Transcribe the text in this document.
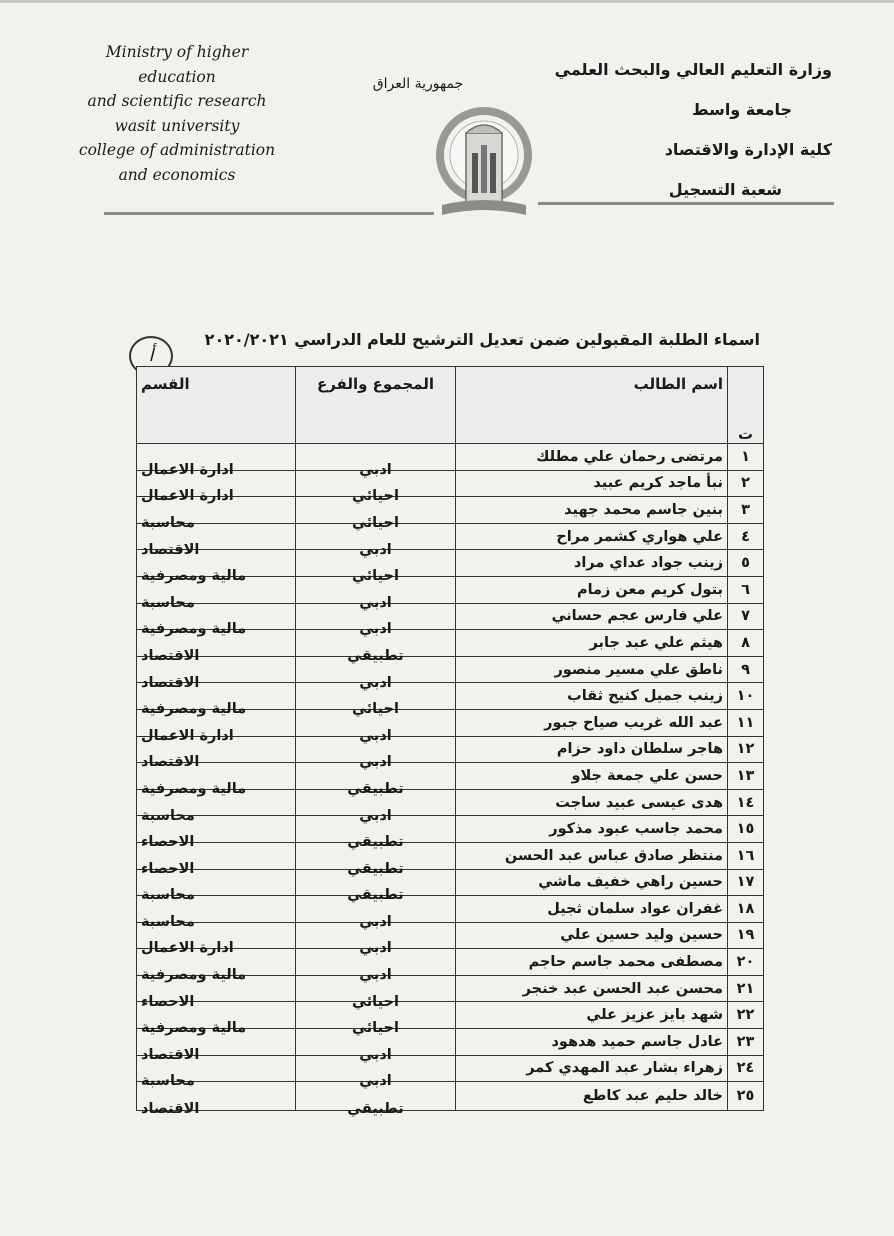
Ministry of higher
education
and scientific research
wasit university
college of administration
and economics
وزارة التعليم العالي والبحث العلمي
جامعة واسط
كلية الإدارة والاقتصاد
شعبة التسجيل
جمهورية العراق
أ
اسماء الطلبة المقبولين ضمن تعديل الترشيح للعام الدراسي ٢٠٢٠/٢٠٢١
ت	اسم الطالب	المجموع والفرع	القسم
١	مرتضى رحمان علي مطلك	ادبي	ادارة الاعمال
٢	نبأ ماجد كريم عبيد	احيائي	ادارة الاعمال
٣	بنين جاسم محمد جهيد	احيائي	محاسبة
٤	علي هواري كشمر مراح	ادبي	الاقتصاد
٥	زينب جواد عداي مراد	احيائي	مالية ومصرفية
٦	بتول كريم معن زمام	ادبي	محاسبة
٧	علي فارس عجم حساني	ادبي	مالية ومصرفية
٨	هيثم علي عبد جابر	تطبيقي	الاقتصاد
٩	ناطق علي مسير منصور	ادبي	الاقتصاد
١٠	زينب جميل كنيح ثقاب	احيائي	مالية ومصرفية
١١	عبد الله غريب صياح جبور	ادبي	ادارة الاعمال
١٢	هاجر سلطان داود حزام	ادبي	الاقتصاد
١٣	حسن علي جمعة جلاو	تطبيقي	مالية ومصرفية
١٤	هدى عيسى عبيد ساجت	ادبي	محاسبة
١٥	محمد جاسب عبود مذكور	تطبيقي	الاحصاء
١٦	منتظر صادق عباس عبد الحسن	تطبيقي	الاحصاء
١٧	حسين راهي خفيف ماشي	تطبيقي	محاسبة
١٨	غفران عواد سلمان ثجيل	ادبي	محاسبة
١٩	حسين وليد حسين علي	ادبي	ادارة الاعمال
٢٠	مصطفى محمد جاسم حاجم	ادبي	مالية ومصرفية
٢١	محسن عبد الحسن عبد خنجر	احيائي	الاحصاء
٢٢	شهد بايز عزيز علي	احيائي	مالية ومصرفية
٢٣	عادل جاسم حميد هدهود	ادبي	الاقتصاد
٢٤	زهراء بشار عبد المهدي كمر	ادبي	محاسبة
٢٥	خالد حليم عبد كاطع	تطبيقي	الاقتصاد
